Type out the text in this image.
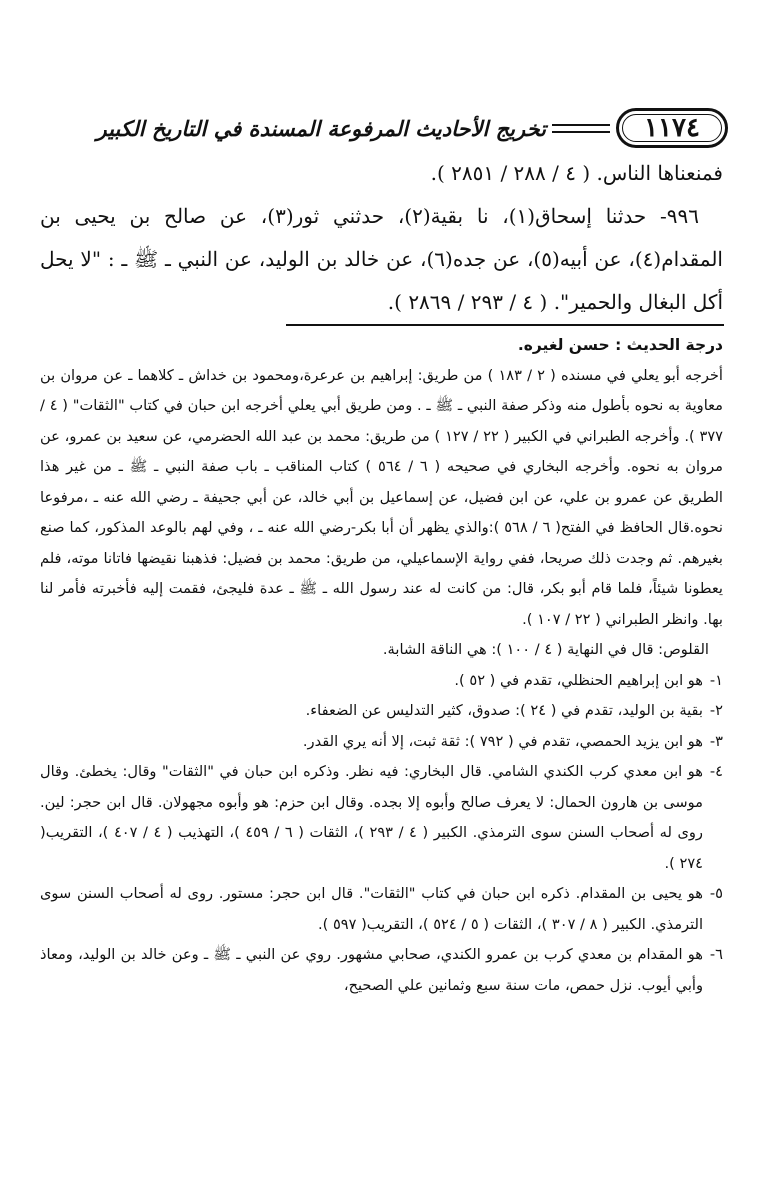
١١٧٤
تخريج الأحاديث المرفوعة المسندة في التاريخ الكبير

فمنعناها الناس. ( ٤ / ٢٨٨ / ٢٨٥١ ).

٩٩٦- حدثنا إسحاق(١)، نا بقية(٢)، حدثني ثور(٣)، عن صالح بن يحيى بن المقدام(٤)، عن أبيه(٥)، عن جده(٦)، عن خالد بن الوليد، عن النبي ـ ﷺ ـ : "لا يحل أكل البغال والحمير". ( ٤ / ٢٩٣ / ٢٨٦٩ ).

درجة الحديث : حسن لغيره.

أخرجه أبو يعلي في مسنده ( ٢ / ١٨٣ ) من طريق: إبراهيم بن عرعرة،ومحمود بن خداش ـ كلاهما ـ عن مروان بن معاوية به نحوه بأطول منه وذكر صفة النبي ـ ﷺ ـ . ومن طريق أبي يعلي أخرجه ابن حبان في كتاب "الثقات" ( ٤ / ٣٧٧ ). وأخرجه الطبراني في الكبير ( ٢٢ / ١٢٧ ) من طريق: محمد بن عبد الله الحضرمي، عن سعيد بن عمرو، عن مروان به نحوه. وأخرجه البخاري في صحيحه ( ٦ / ٥٦٤ ) كتاب المناقب ـ باب صفة النبي ـ ﷺ ـ من غير هذا الطريق عن عمرو بن علي، عن ابن فضيل، عن إسماعيل بن أبي خالد، عن أبي جحيفة ـ رضي الله عنه ـ ،مرفوعا نحوه.قال الحافظ في الفتح( ٦ / ٥٦٨ ):والذي يظهر أن أبا بكر-رضي الله عنه ـ ، وفي لهم بالوعد المذكور، كما صنع بغيرهم. ثم وجدت ذلك صريحا، ففي رواية الإسماعيلي، من طريق: محمد بن فضيل: فذهبنا نقيضها فاتانا موته، فلم يعطونا شيئاً، فلما قام أبو بكر، قال: من كانت له عند رسول الله ـ ﷺ ـ عدة فليجئ، فقمت إليه فأخبرته فأمر لنا بها. وانظر الطبراني ( ٢٢ / ١٠٧ ).

القلوص: قال في النهاية ( ٤ / ١٠٠ ): هي الناقة الشابة.

١-
هو ابن إبراهيم الحنظلي، تقدم في ( ٥٢ ).
٢-
بقية بن الوليد، تقدم في ( ٢٤ ): صدوق، كثير التدليس عن الضعفاء.
٣-
هو ابن يزيد الحمصي، تقدم في ( ٧٩٢ ): ثقة ثبت، إلا أنه يري القدر.
٤-
هو ابن معدي كرب الكندي الشامي. قال البخاري: فيه نظر. وذكره ابن حبان في "الثقات" وقال: يخطئ. وقال موسى بن هارون الحمال: لا يعرف صالح وأبوه إلا بجده. وقال ابن حزم: هو وأبوه مجهولان. قال ابن حجر: لين. روى له أصحاب السنن سوى الترمذي. الكبير ( ٤ / ٢٩٣ )، الثقات ( ٦ / ٤٥٩ )، التهذيب ( ٤ / ٤٠٧ )، التقريب( ٢٧٤ ).
٥-
هو يحيى بن المقدام. ذكره ابن حبان في كتاب "الثقات". قال ابن حجر: مستور. روى له أصحاب السنن سوى الترمذي. الكبير ( ٨ / ٣٠٧ )، الثقات ( ٥ / ٥٢٤ )، التقريب( ٥٩٧ ).
٦-
هو المقدام بن معدي كرب بن عمرو الكندي، صحابي مشهور. روي عن النبي ـ ﷺ ـ وعن خالد بن الوليد، ومعاذ وأبي أيوب. نزل حمص، مات سنة سبع وثمانين علي الصحيح،
